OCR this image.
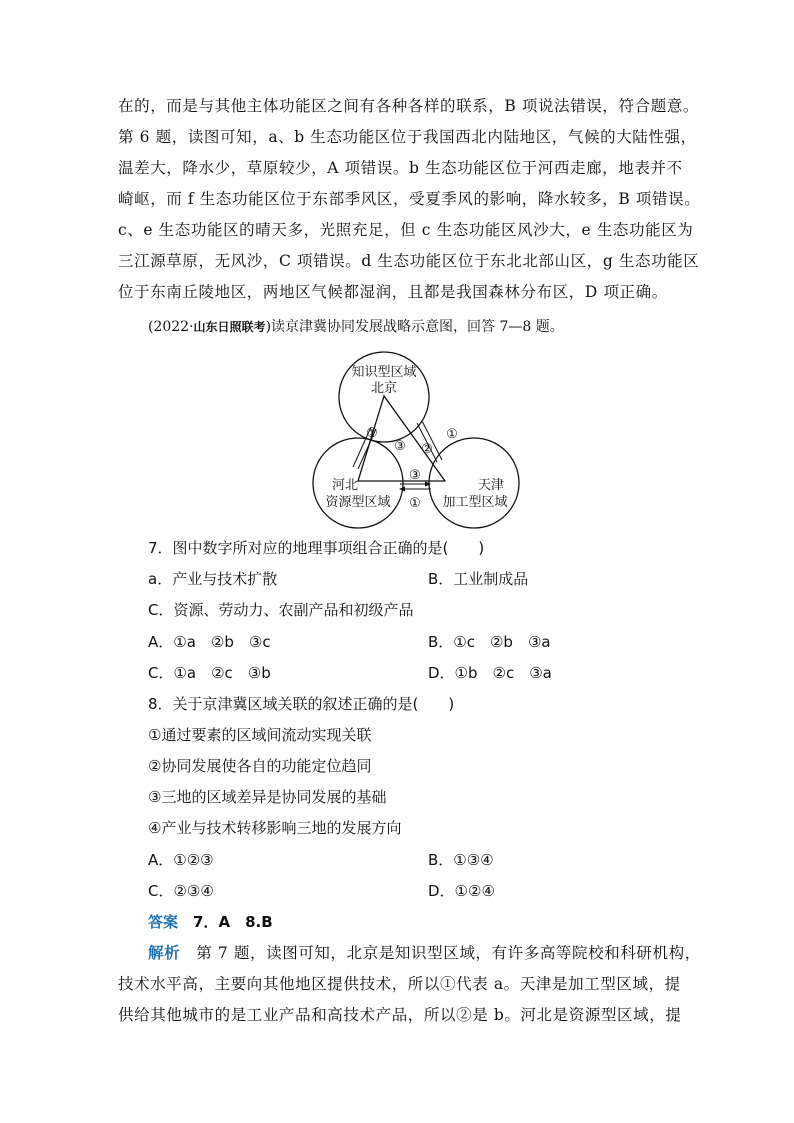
在的，而是与其他主体功能区之间有各种各样的联系，B 项说法错误，符合题意。
第 6 题，读图可知，a、b 生态功能区位于我国西北内陆地区，气候的大陆性强，
温差大，降水少，草原较少，A 项错误。b 生态功能区位于河西走廊，地表并不
崎岖，而 f 生态功能区位于东部季风区，受夏季风的影响，降水较多，B 项错误。
c、e 生态功能区的晴天多，光照充足，但 c 生态功能区风沙大，e 生态功能区为
三江源草原，无风沙，C 项错误。d 生态功能区位于东北北部山区，g 生态功能区
位于东南丘陵地区，两地区气候都湿润，且都是我国森林分布区，D 项正确。
(2022·山东日照联考)读京津冀协同发展战略示意图，回答 7—8 题。
知识型区域
北京
河北
资源型区域
天津
加工型区域
①
③ ②
①
③
①
7．图中数字所对应的地理事项组合正确的是(　　)
a．产业与技术扩散	B．工业制成品
C．资源、劳动力、农副产品和初级产品
A．①a　②b　③c	B．①c　②b　③a
C．①a　②c　③b	D．①b　②c　③a
8．关于京津冀区域关联的叙述正确的是(　　)
①通过要素的区域间流动实现关联
②协同发展使各自的功能定位趋同
③三地的区域差异是协同发展的基础
④产业与技术转移影响三地的发展方向
A．①②③	B．①③④
C．②③④	D．①②④
答案　 7．A　8.B
解析　第 7 题，读图可知，北京是知识型区域，有许多高等院校和科研机构，
技术水平高，主要向其他地区提供技术，所以①代表 a。天津是加工型区域，提
供给其他城市的是工业产品和高技术产品，所以②是 b。河北是资源型区域，提
